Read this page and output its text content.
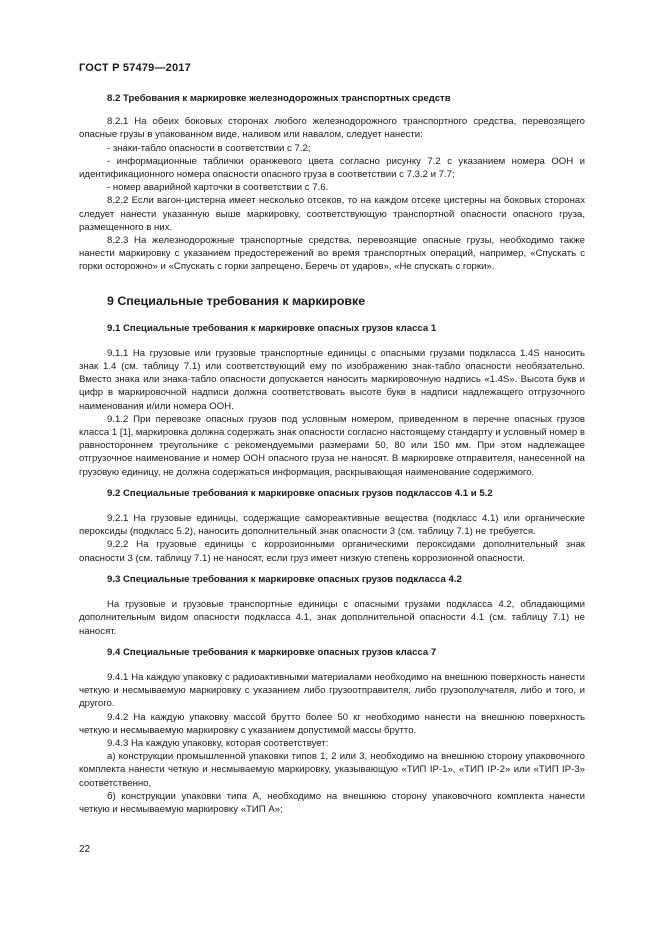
ГОСТ Р 57479—2017

8.2 Требования к маркировке железнодорожных транспортных средств

8.2.1 На обеих боковых сторонах любого железнодорожного транспортного средства, перевозящего опасные грузы в упакованном виде, наливом или навалом, следует нанести:

- знаки-табло опасности в соответствии с 7.2;

- информационные таблички оранжевого цвета согласно рисунку 7.2 с указанием номера ООН и идентификационного номера опасности опасного груза в соответствии с 7.3.2 и 7.7;

- номер аварийной карточки в соответствии с 7.6.

8.2.2 Если вагон-цистерна имеет несколько отсеков, то на каждом отсеке цистерны на боковых сторонах следует нанести указанную выше маркировку, соответствующую транспортной опасности опасного груза, размещенного в них.

8.2.3 На железнодорожные транспортные средства, перевозящие опасные грузы, необходимо также нанести маркировку с указанием предостережений во время транспортных операций, например, «Спускать с горки осторожно» и «Спускать с горки запрещено. Беречь от ударов», «Не спускать с горки».

9 Специальные требования к маркировке

9.1 Специальные требования к маркировке опасных грузов класса 1

9.1.1 На грузовые или грузовые транспортные единицы с опасными грузами подкласса 1.4S наносить знак 1.4 (см. таблицу 7.1) или соответствующий ему по изображению знак-табло опасности необязательно. Вместо знака или знака-табло опасности допускается наносить маркировочную надпись «1.4S». Высота букв и цифр в маркировочной надписи должна соответствовать высоте букв в надписи надлежащего отгрузочного наименования и/или номера ООН.

9.1.2 При перевозке опасных грузов под условным номером, приведенном в перечне опасных грузов класса 1 [1], маркировка должна содержать знак опасности согласно настоящему стандарту и условный номер в равностороннем треугольнике с рекомендуемыми размерами 50, 80 или 150 мм. При этом надлежащее отгрузочное наименование и номер ООН опасного груза не наносят. В маркировке отправителя, нанесенной на грузовую единицу, не должна содержаться информация, раскрывающая наименование содержимого.

9.2 Специальные требования к маркировке опасных грузов подклассов 4.1 и 5.2

9.2.1 На грузовые единицы, содержащие самореактивные вещества (подкласс 4.1) или органические пероксиды (подкласс 5.2), наносить дополнительный знак опасности 3 (см. таблицу 7.1) не требуется.

9.2.2 На грузовые единицы с коррозионными органическими пероксидами дополнительный знак опасности 3 (см. таблицу 7.1) не наносят, если груз имеет низкую степень коррозионной опасности.

9.3 Специальные требования к маркировке опасных грузов подкласса 4.2

На грузовые и грузовые транспортные единицы с опасными грузами подкласса 4.2, обладающими дополнительным видом опасности подкласса 4.1, знак дополнительной опасности 4.1 (см. таблицу 7.1) не наносят.

9.4 Специальные требования к маркировке опасных грузов класса 7

9.4.1 На каждую упаковку с радиоактивными материалами необходимо на внешнюю поверхность нанести четкую и несмываемую маркировку с указанием либо грузоотправителя, либо грузополучателя, либо и того, и другого.

9.4.2 На каждую упаковку массой брутто более 50 кг необходимо нанести на внешнюю поверхность четкую и несмываемую маркировку с указанием допустимой массы брутто.

9.4.3 На каждую упаковку, которая соответствует:

а) конструкции промышленной упаковки типов 1, 2 или 3, необходимо на внешнюю сторону упаковочного комплекта нанести четкую и несмываемую маркировку, указывающую «ТИП IP-1», «ТИП IP-2» или «ТИП IP-3» соответственно,

б) конструкции упаковки типа А, необходимо на внешнюю сторону упаковочного комплекта нанести четкую и несмываемую маркировку «ТИП А»;

22
